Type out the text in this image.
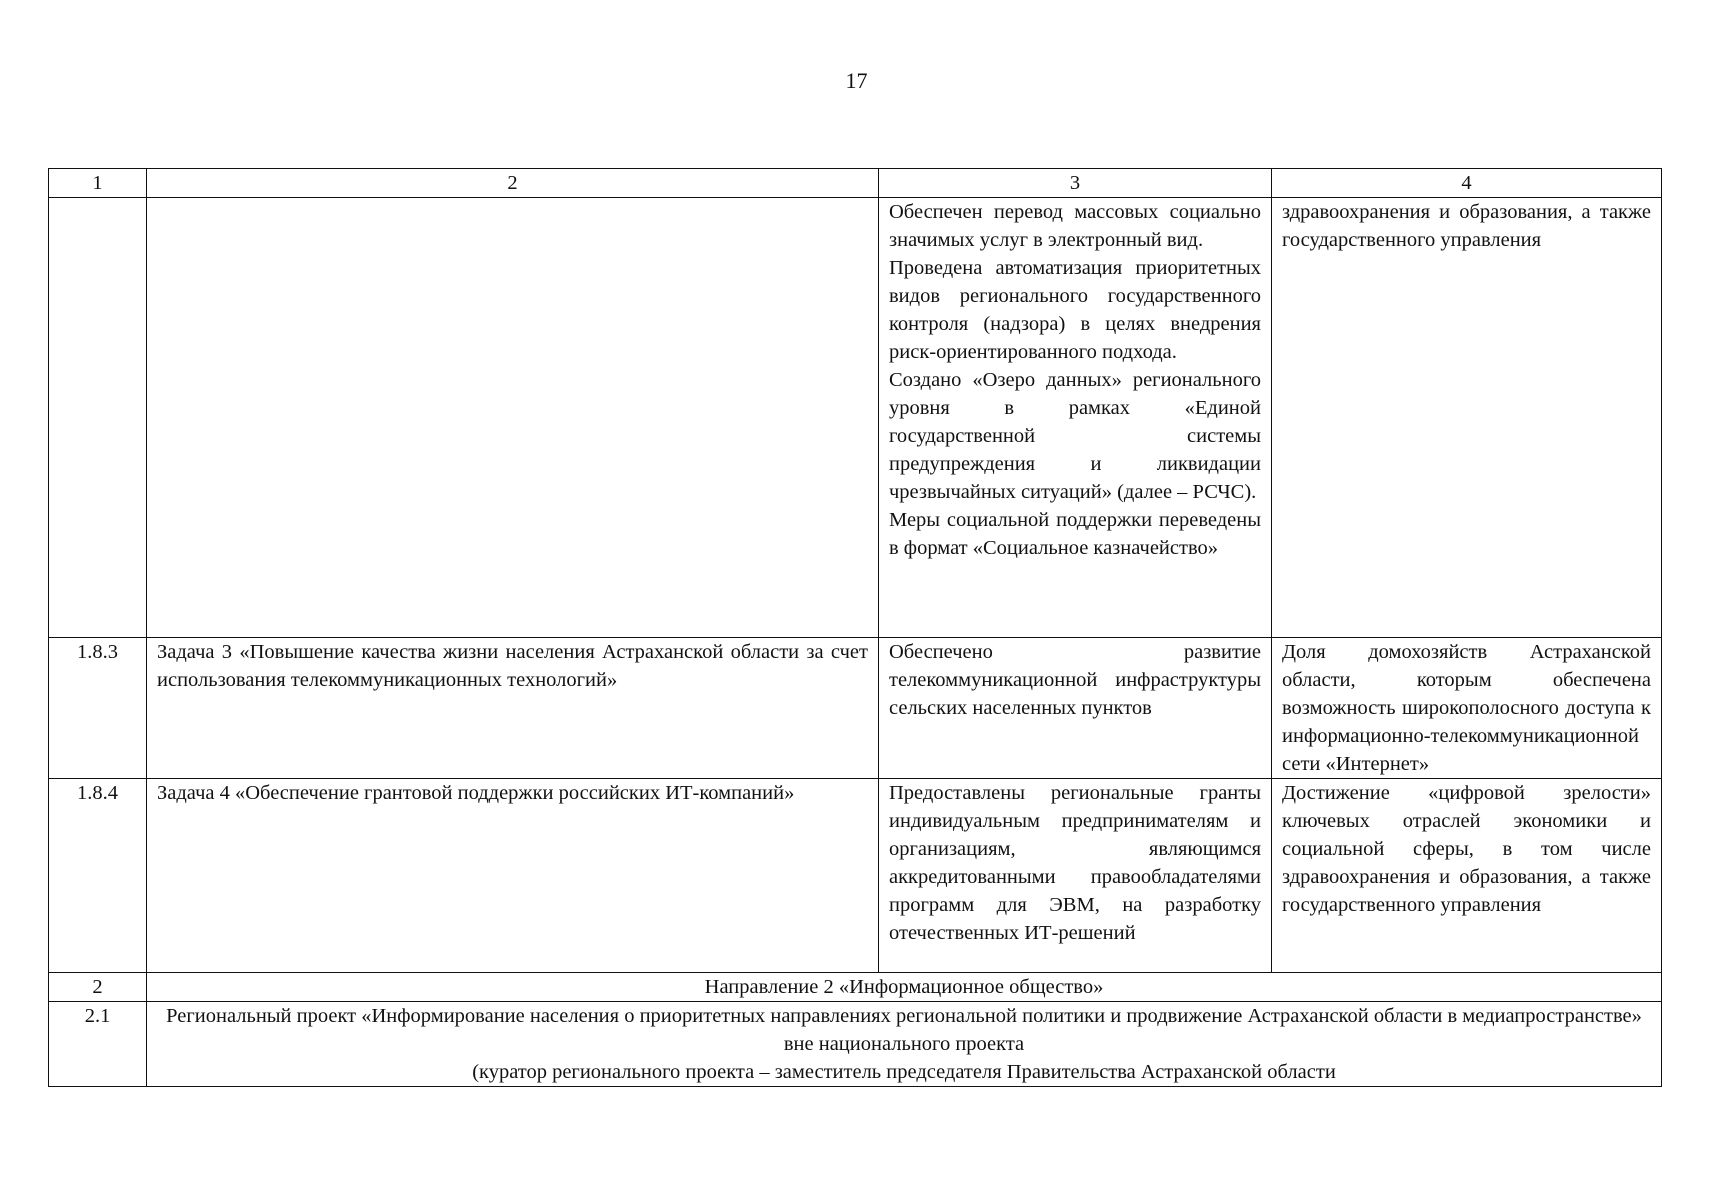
17
1	2	3	4

		Обеспечен перевод массовых социально значимых услуг в электронный вид.
Проведена автоматизация приоритетных видов регионального государственного контроля (надзора) в целях внедрения риск-ориентированного подхода.
Создано «Озеро данных» регионального уровня в рамках «Единой государственной системы предупреждения и ликвидации чрезвычайных ситуаций» (далее – РСЧС).
Меры социальной поддержки переведены в формат «Социальное казначейство»	здравоохранения и образования, а также государственного управления
1.8.3	Задача 3 «Повышение качества жизни населения Астраханской области за счет использования телекоммуникационных технологий»	Обеспечено развитие телекоммуникационной инфраструктуры сельских населенных пунктов	Доля домохозяйств Астраханской области, которым обеспечена возможность широкополосного доступа к информационно-телекоммуникационной сети «Интернет»
1.8.4	Задача 4 «Обеспечение грантовой поддержки российских ИТ-компаний»	Предоставлены региональные гранты индивидуальным предпринимателям и организациям, являющимся аккредитованными правообладателями программ для ЭВМ, на разработку отечественных ИТ-решений	Достижение «цифровой зрелости» ключевых отраслей экономики и социальной сферы, в том числе здравоохранения и образования, а также государственного управления
2	Направление 2 «Информационное общество»		
2.1	Региональный проект «Информирование населения о приоритетных направлениях региональной политики и продвижение Астраханской области в медиапространстве» вне национального проекта
(куратор регионального проекта – заместитель председателя Правительства Астраханской области		
